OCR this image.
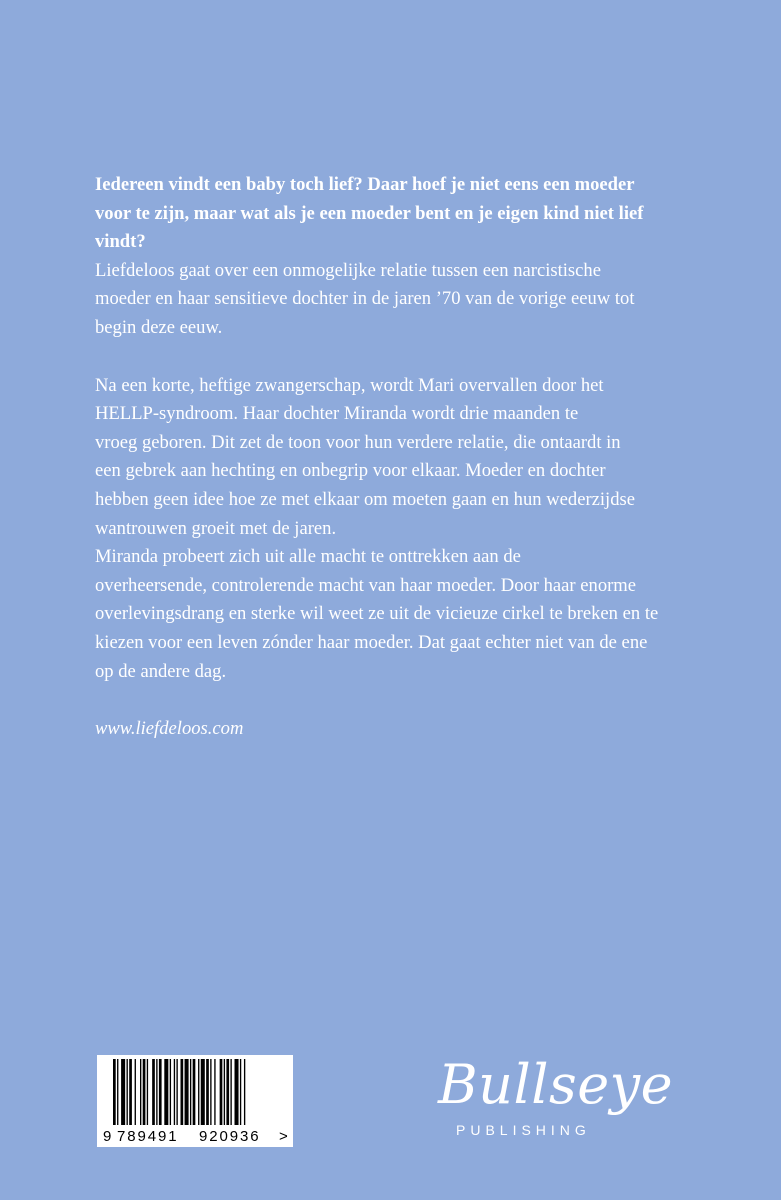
Iedereen vindt een baby toch lief? Daar hoef je niet eens een moeder
voor te zijn, maar wat als je een moeder bent en je eigen kind niet lief
vindt?

Liefdeloos gaat over een onmogelijke relatie tussen een narcistische
moeder en haar sensitieve dochter in de jaren ’70 van de vorige eeuw tot
begin deze eeuw.

Na een korte, heftige zwangerschap, wordt Mari overvallen door het
HELLP-syndroom. Haar dochter Miranda wordt drie maanden te
vroeg geboren. Dit zet de toon voor hun verdere relatie, die ontaardt in
een gebrek aan hechting en onbegrip voor elkaar. Moeder en dochter
hebben geen idee hoe ze met elkaar om moeten gaan en hun wederzijdse
wantrouwen groeit met de jaren.

Miranda probeert zich uit alle macht te onttrekken aan de
overheersende, controlerende macht van haar moeder. Door haar enorme
overlevingsdrang en sterke wil weet ze uit de vicieuze cirkel te breken en te
kiezen voor een leven zónder haar moeder. Dat gaat echter niet van de ene
op de andere dag.

www.liefdeloos.com

9 789491 920936 >
Bullseye
PUBLISHING
